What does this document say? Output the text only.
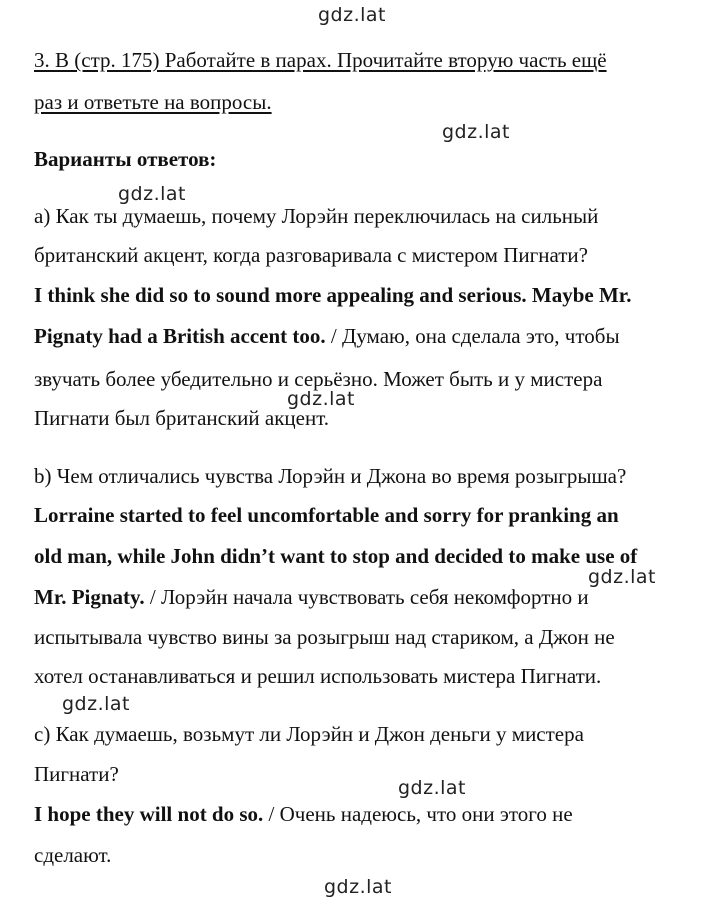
gdz.lat
gdz.lat
gdz.lat
gdz.lat
gdz.lat
gdz.lat
gdz.lat
gdz.lat
3. B (стр. 175) Работайте в парах. Прочитайте вторую часть ещё
раз и ответьте на вопросы.
Варианты ответов:
a) Как ты думаешь, почему Лорэйн переключилась на сильный
британский акцент, когда разговаривала с мистером Пигнати?
I think she did so to sound more appealing and serious. Maybe Mr.
Pignaty had a British accent too. / Думаю, она сделала это, чтобы
звучать более убедительно и серьёзно. Может быть и у мистера
Пигнати был британский акцент.
b) Чем отличались чувства Лорэйн и Джона во время розыгрыша?
Lorraine started to feel uncomfortable and sorry for pranking an
old man, while John didn’t want to stop and decided to make use of
Mr. Pignaty. / Лорэйн начала чувствовать себя некомфортно и
испытывала чувство вины за розыгрыш над стариком, а Джон не
хотел останавливаться и решил использовать мистера Пигнати.
c) Как думаешь, возьмут ли Лорэйн и Джон деньги у мистера
Пигнати?
I hope they will not do so. / Очень надеюсь, что они этого не
сделают.
